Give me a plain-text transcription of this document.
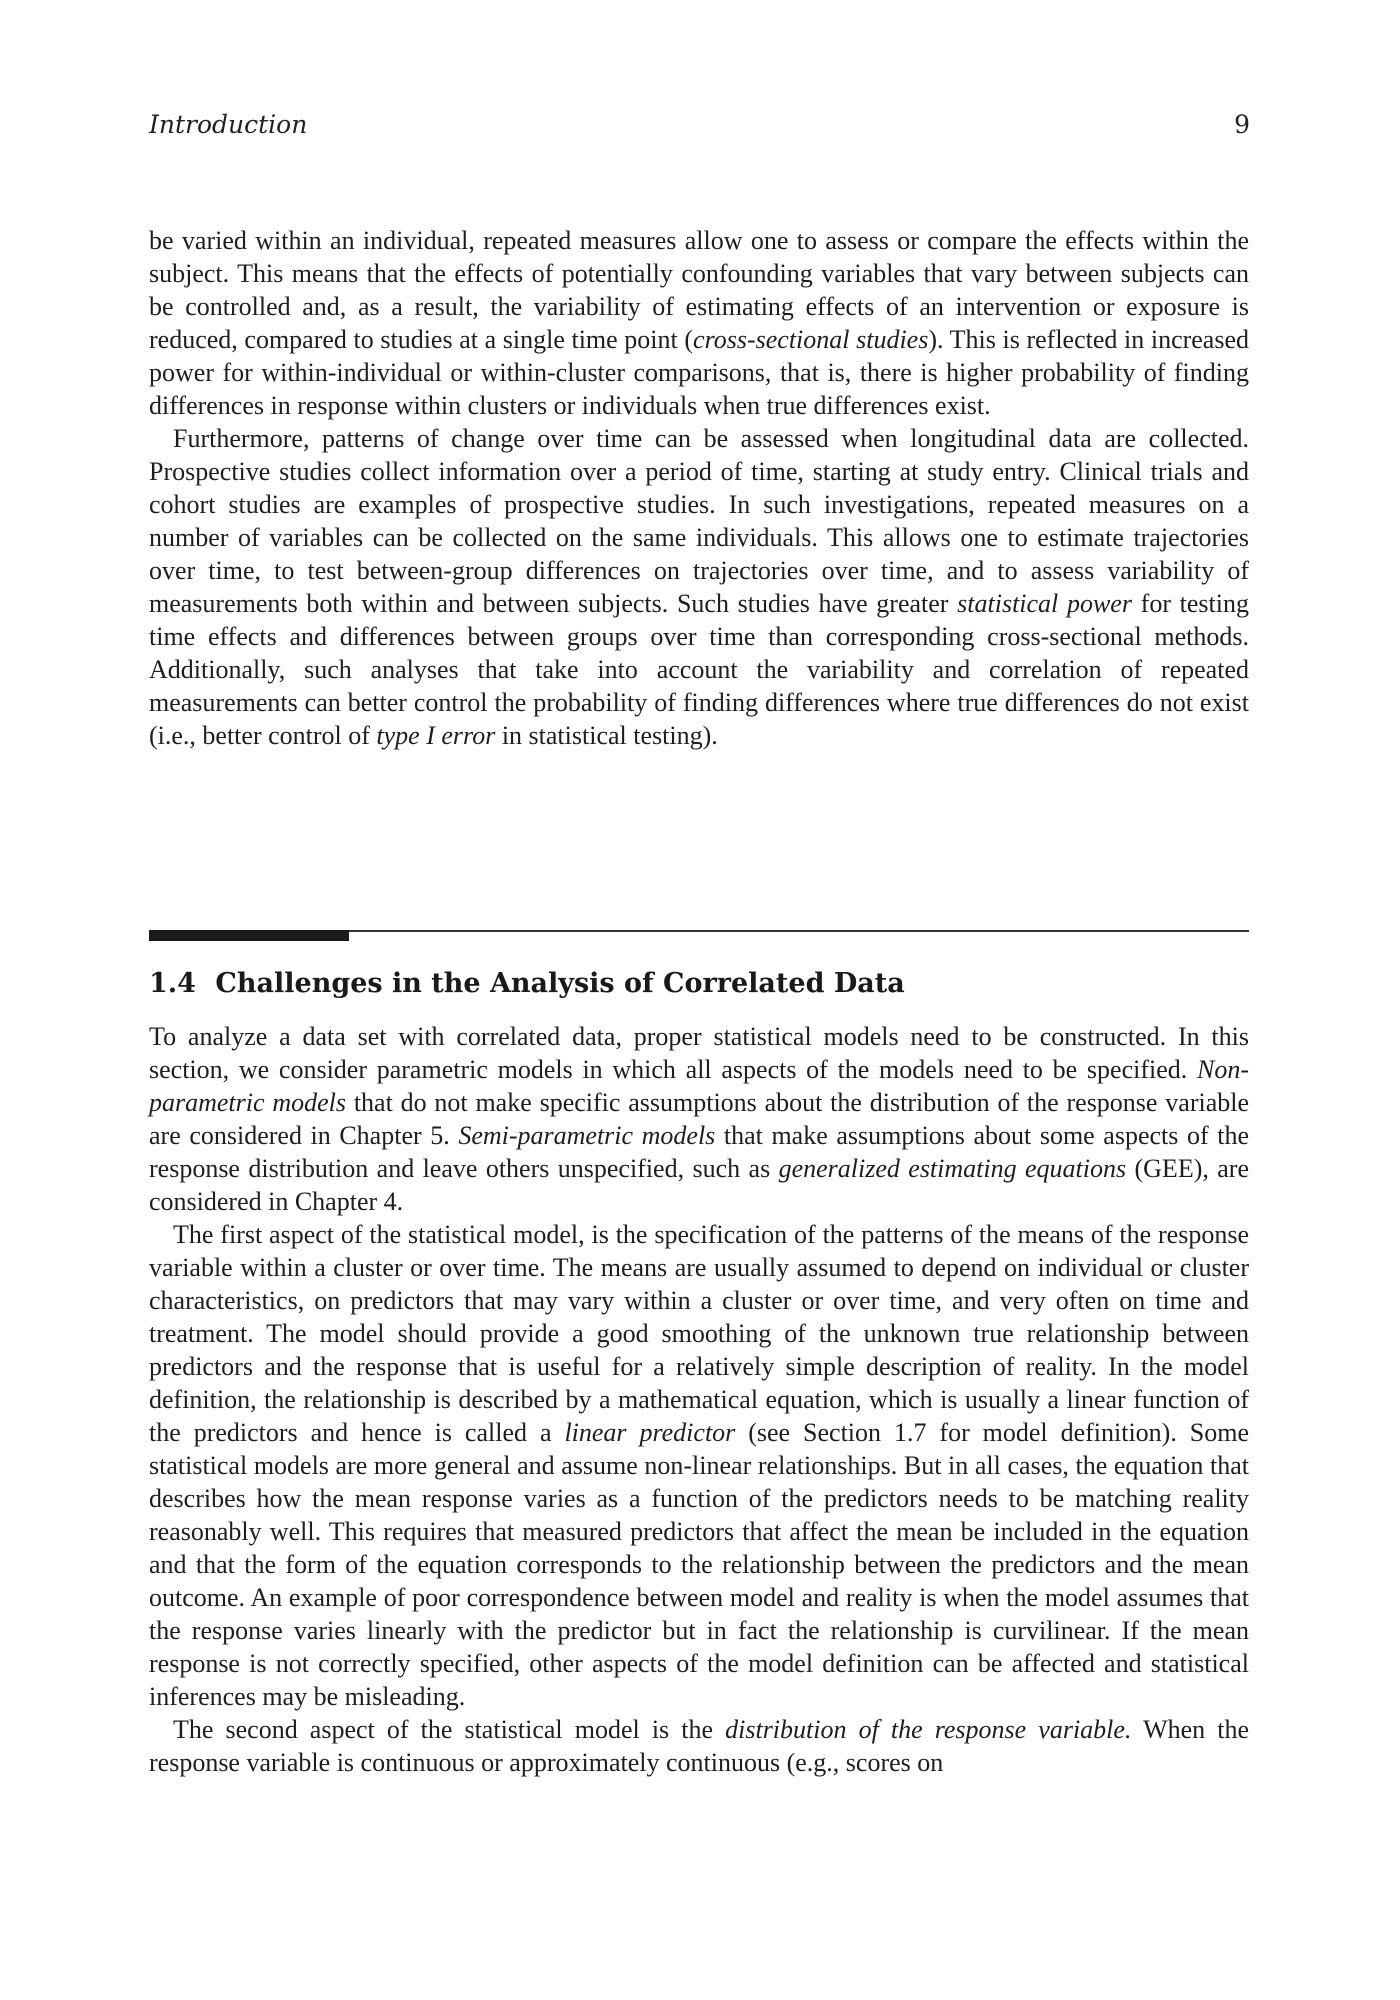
Introduction	9

be varied within an individual, repeated measures allow one to assess or compare the effects within the subject. This means that the effects of potentially confounding variables that vary between subjects can be controlled and, as a result, the variability of estimating effects of an intervention or exposure is reduced, compared to studies at a single time point (cross-sectional studies). This is reflected in increased power for within-individual or within-cluster comparisons, that is, there is higher probability of finding differences in response within clusters or individuals when true differences exist.

Furthermore, patterns of change over time can be assessed when longitudinal data are collected. Prospective studies collect information over a period of time, starting at study entry. Clinical trials and cohort studies are examples of prospective studies. In such investigations, repeated measures on a number of variables can be collected on the same individuals. This allows one to estimate trajectories over time, to test between-group differences on trajectories over time, and to assess variability of measurements both within and between subjects. Such studies have greater statistical power for testing time effects and differences between groups over time than corresponding cross-sectional methods. Additionally, such analyses that take into account the variability and correlation of repeated measurements can better control the probability of finding differences where true differences do not exist (i.e., better control of type I error in statistical testing).

1.4 Challenges in the Analysis of Correlated Data

To analyze a data set with correlated data, proper statistical models need to be constructed. In this section, we consider parametric models in which all aspects of the models need to be specified. Non-parametric models that do not make specific assumptions about the distribution of the response variable are considered in Chapter 5. Semi-parametric models that make assumptions about some aspects of the response distribution and leave others unspecified, such as generalized estimating equations (GEE), are considered in Chapter 4.

The first aspect of the statistical model, is the specification of the patterns of the means of the response variable within a cluster or over time. The means are usually assumed to depend on individual or cluster characteristics, on predictors that may vary within a cluster or over time, and very often on time and treatment. The model should provide a good smoothing of the unknown true relationship between predictors and the response that is useful for a relatively simple description of reality. In the model definition, the relationship is described by a mathematical equation, which is usually a linear function of the predictors and hence is called a linear predictor (see Section 1.7 for model definition). Some statistical models are more general and assume non-linear relationships. But in all cases, the equation that describes how the mean response varies as a function of the predictors needs to be matching reality reasonably well. This requires that measured predictors that affect the mean be included in the equation and that the form of the equation corresponds to the relationship between the predictors and the mean outcome. An example of poor correspondence between model and reality is when the model assumes that the response varies linearly with the predictor but in fact the relationship is curvilinear. If the mean response is not correctly specified, other aspects of the model definition can be affected and statistical inferences may be misleading.

The second aspect of the statistical model is the distribution of the response variable. When the response variable is continuous or approximately continuous (e.g., scores on
